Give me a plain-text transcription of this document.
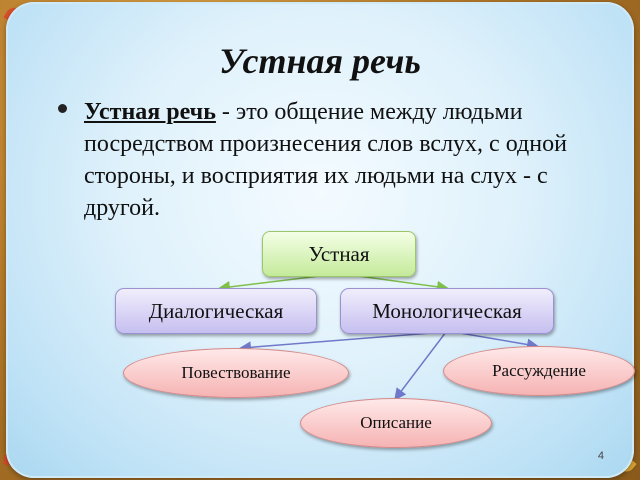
Устная речь
Устная речь - это общение между людьми посредством произнесения слов вслух, с одной стороны, и восприятия их людьми на слух - с другой.
Устная
Диалогическая	Монологическая
Повествование	Рассуждение
Описание
4
